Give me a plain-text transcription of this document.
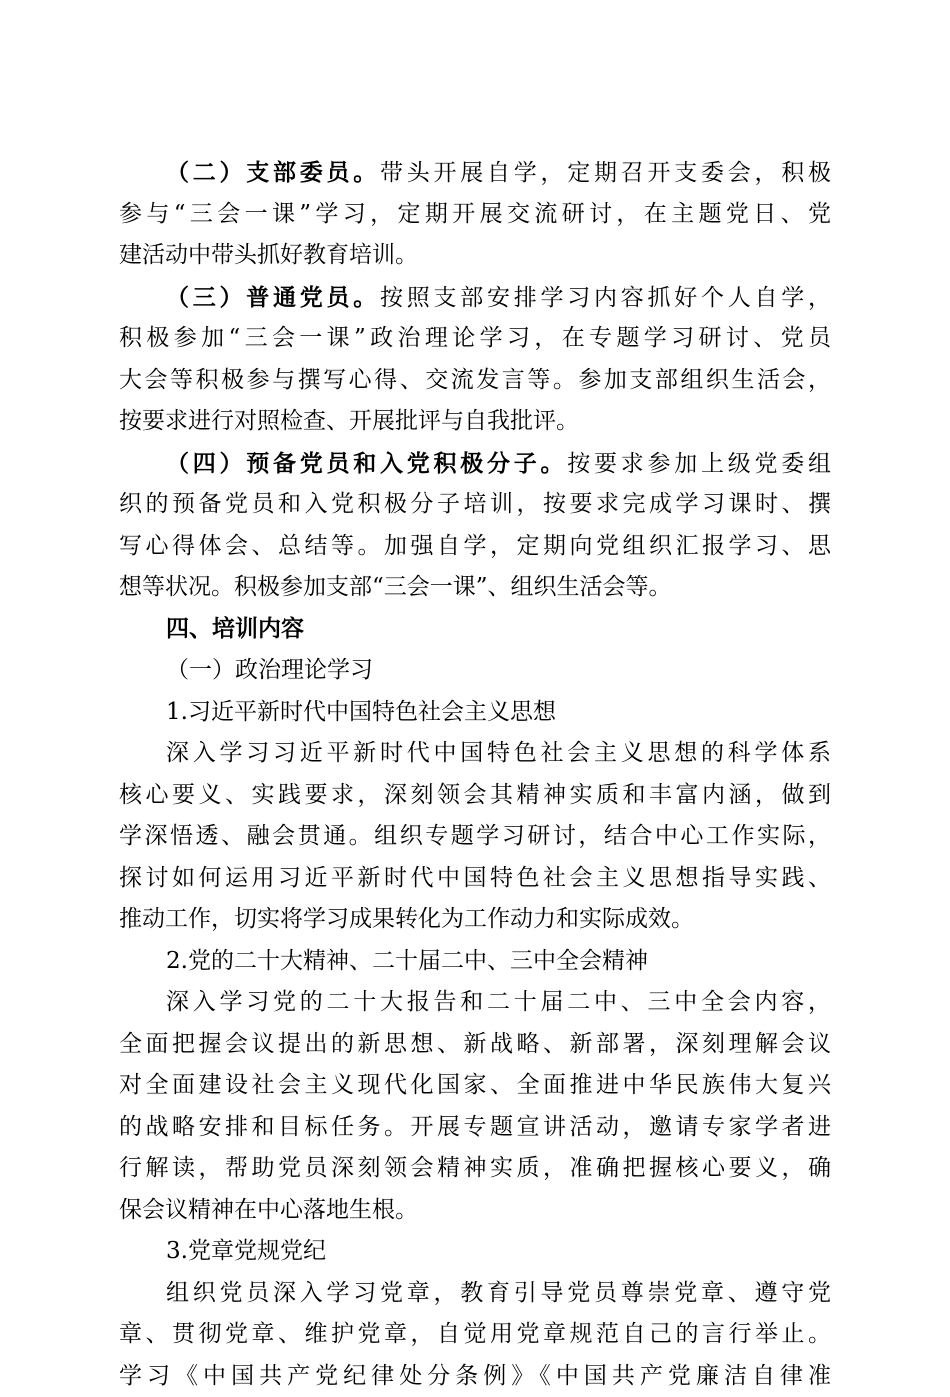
（二）支部委员。带头开展自学，定期召开支委会，积极
参与“三会一课”学习，定期开展交流研讨，在主题党日、党
建活动中带头抓好教育培训。
（三）普通党员。按照支部安排学习内容抓好个人自学，
积极参加“三会一课”政治理论学习，在专题学习研讨、党员
大会等积极参与撰写心得、交流发言等。参加支部组织生活会，
按要求进行对照检查、开展批评与自我批评。
（四）预备党员和入党积极分子。按要求参加上级党委组
织的预备党员和入党积极分子培训，按要求完成学习课时、撰
写心得体会、总结等。加强自学，定期向党组织汇报学习、思
想等状况。积极参加支部“三会一课”、组织生活会等。
四、培训内容
（一）政治理论学习
1.习近平新时代中国特色社会主义思想
深入学习习近平新时代中国特色社会主义思想的科学体系
核心要义、实践要求，深刻领会其精神实质和丰富内涵，做到
学深悟透、融会贯通。组织专题学习研讨，结合中心工作实际，
探讨如何运用习近平新时代中国特色社会主义思想指导实践、
推动工作，切实将学习成果转化为工作动力和实际成效。
2.党的二十大精神、二十届二中、三中全会精神
深入学习党的二十大报告和二十届二中、三中全会内容，
全面把握会议提出的新思想、新战略、新部署，深刻理解会议
对全面建设社会主义现代化国家、全面推进中华民族伟大复兴
的战略安排和目标任务。开展专题宣讲活动，邀请专家学者进
行解读，帮助党员深刻领会精神实质，准确把握核心要义，确
保会议精神在中心落地生根。
3.党章党规党纪
组织党员深入学习党章，教育引导党员尊崇党章、遵守党
章、贯彻党章、维护党章，自觉用党章规范自己的言行举止。
学习《中国共产党纪律处分条例》《中国共产党廉洁自律准
